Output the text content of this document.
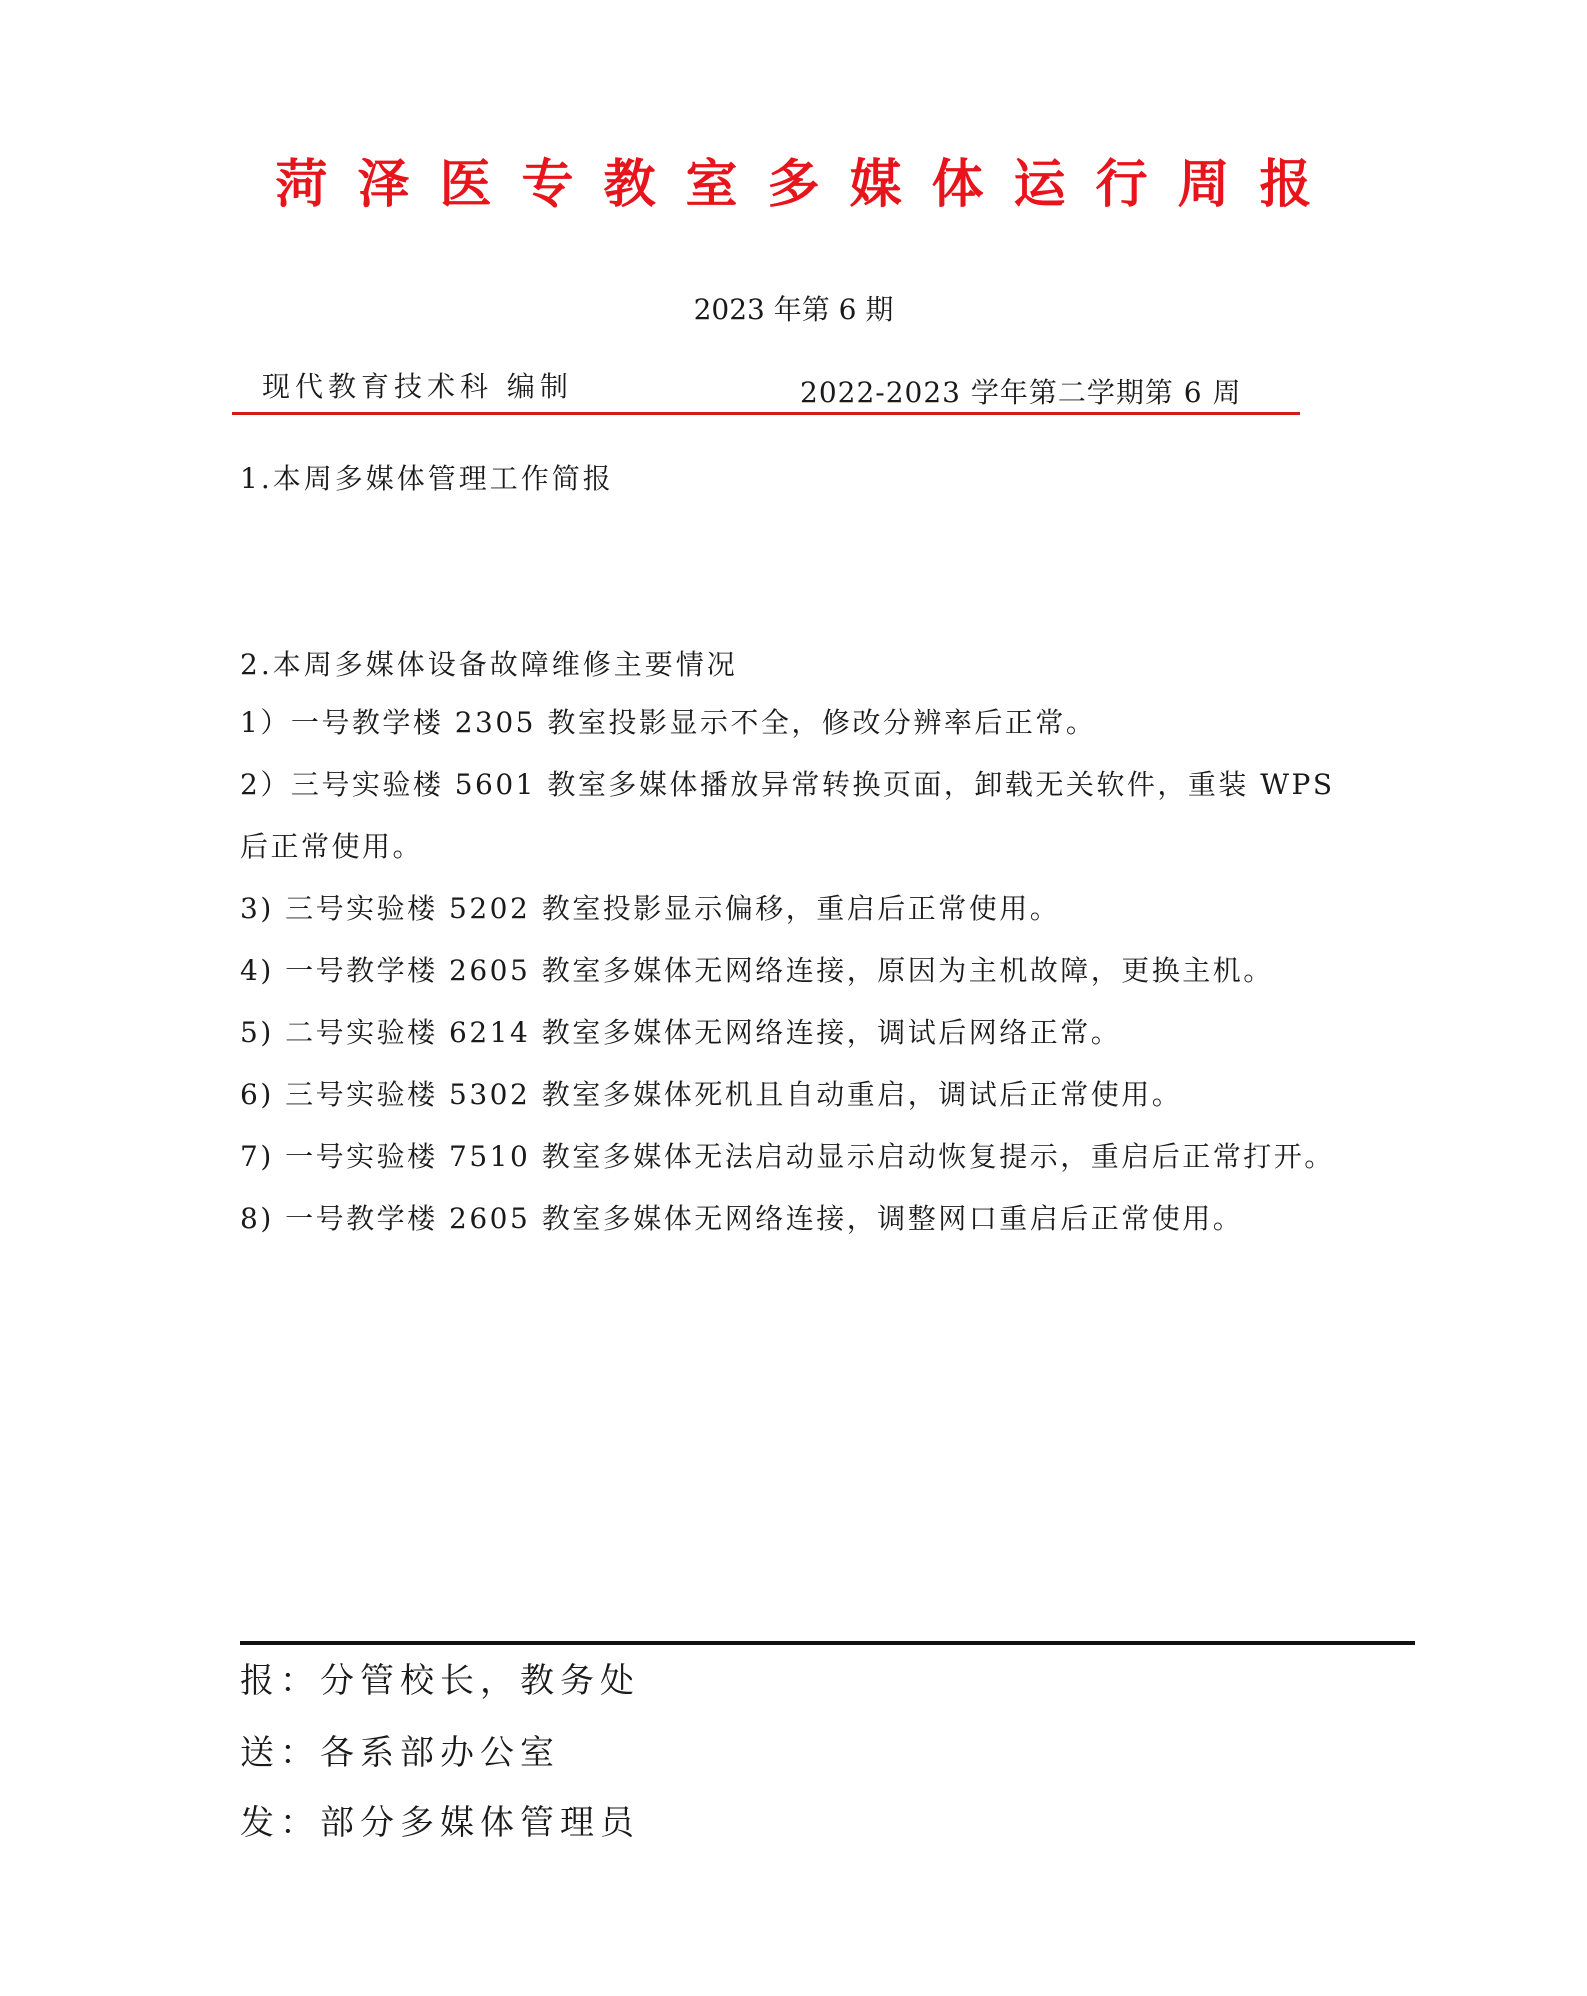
菏泽医专教室多媒体运行周报
2023 年第 6 期
现代教育技术科 编制	2022-2023 学年第二学期第 6 周
1.本周多媒体管理工作简报
2.本周多媒体设备故障维修主要情况
1）一号教学楼 2305 教室投影显示不全，修改分辨率后正常。
2）三号实验楼 5601 教室多媒体播放异常转换页面，卸载无关软件，重装 WPS 后正常使用。
3) 三号实验楼 5202 教室投影显示偏移，重启后正常使用。
4) 一号教学楼 2605 教室多媒体无网络连接，原因为主机故障，更换主机。
5) 二号实验楼 6214 教室多媒体无网络连接，调试后网络正常。
6) 三号实验楼 5302 教室多媒体死机且自动重启，调试后正常使用。
7) 一号实验楼 7510 教室多媒体无法启动显示启动恢复提示，重启后正常打开。
8) 一号教学楼 2605 教室多媒体无网络连接，调整网口重启后正常使用。
报：分管校长，教务处
送：各系部办公室
发：部分多媒体管理员
